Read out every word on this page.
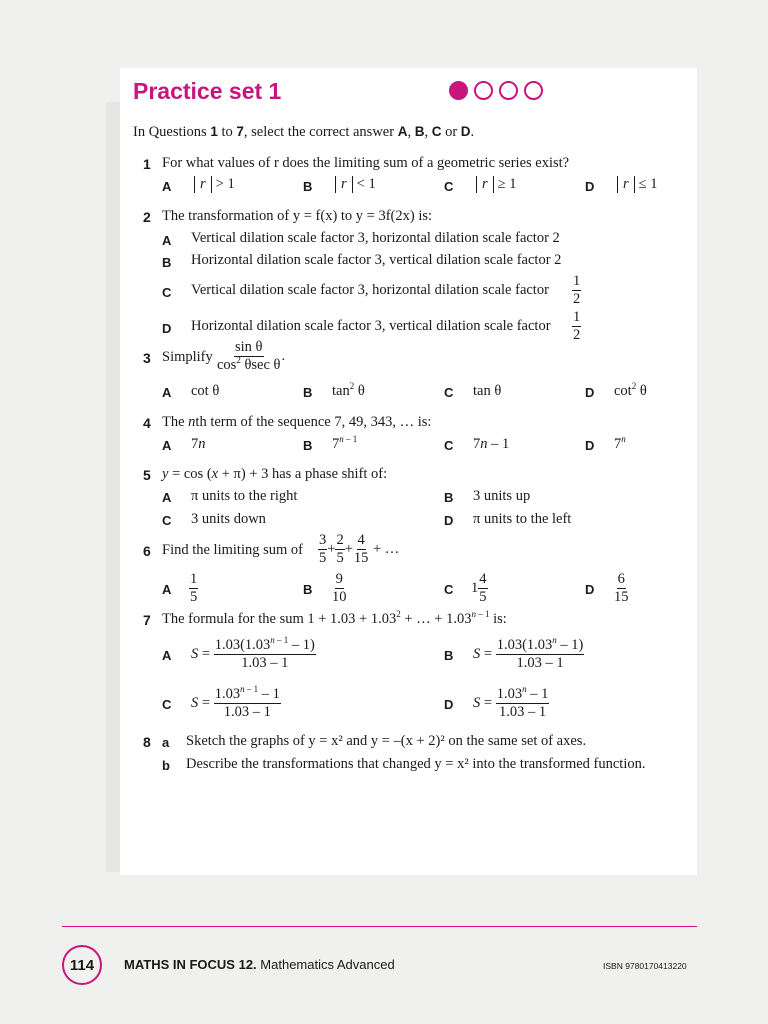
Practice set 1
In Questions 1 to 7, select the correct answer A, B, C or D.
1 For what values of r does the limiting sum of a geometric series exist?
A	r > 1	B	r < 1	C	r ≥ 1	D	r ≤ 1
2 The transformation of y = f(x) to y = 3f(2x) is:
A Vertical dilation scale factor 3, horizontal dilation scale factor 2
B Horizontal dilation scale factor 3, vertical dilation scale factor 2
C Vertical dilation scale factor 3, horizontal dilation scale factor $\frac{1}{2}$
D Horizontal dilation scale factor 3, vertical dilation scale factor $\frac{1}{2}$
3 Simplify $\frac{\text{sin θ}}{\cos^2 \theta\sec \theta}$ .
A cot θ	B $\tan^2 \theta$	C tan θ	D $\cot^2 \theta$
4 The nth term of the sequence 7, 49, 343, … is:
A 7n	B 7$^{n - 1}$	C 7n – 1	D 7$^n$
5 y = cos (x + π) + 3 has a phase shift of:
A π units to the right	B 3 units up
C 3 units down	D π units to the left
6 Find the limiting sum of $\frac{3}{5} + \frac{2}{5} + \frac{4}{15}$ + …
A $\frac{1}{5}$	B $\frac{9}{10}$	C $1 \frac{4}{5}$	D $\frac{6}{15}$
7 The formula for the sum $1 + 1.03 + 1.03^2$ + … + $1.03^{n - 1}$ is:
A $S = \frac{1.03(1.03^{n - 1} - 1)}{1.03 - 1}$	B $S = \frac{1.03(1.03^n - 1)}{1.03 - 1}$
C $S = \frac{1.03^{n - 1} - 1}{1.03 - 1}$	D $S = \frac{1.03^n - 1}{1.03 - 1}$
8 a Sketch the graphs of y = x² and y = –(x + 2)² on the same set of axes.
b Describe the transformations that changed y = x² into the transformed function.
114	MATHS IN FOCUS 12. Mathematics Advanced	ISBN 9780170413220
